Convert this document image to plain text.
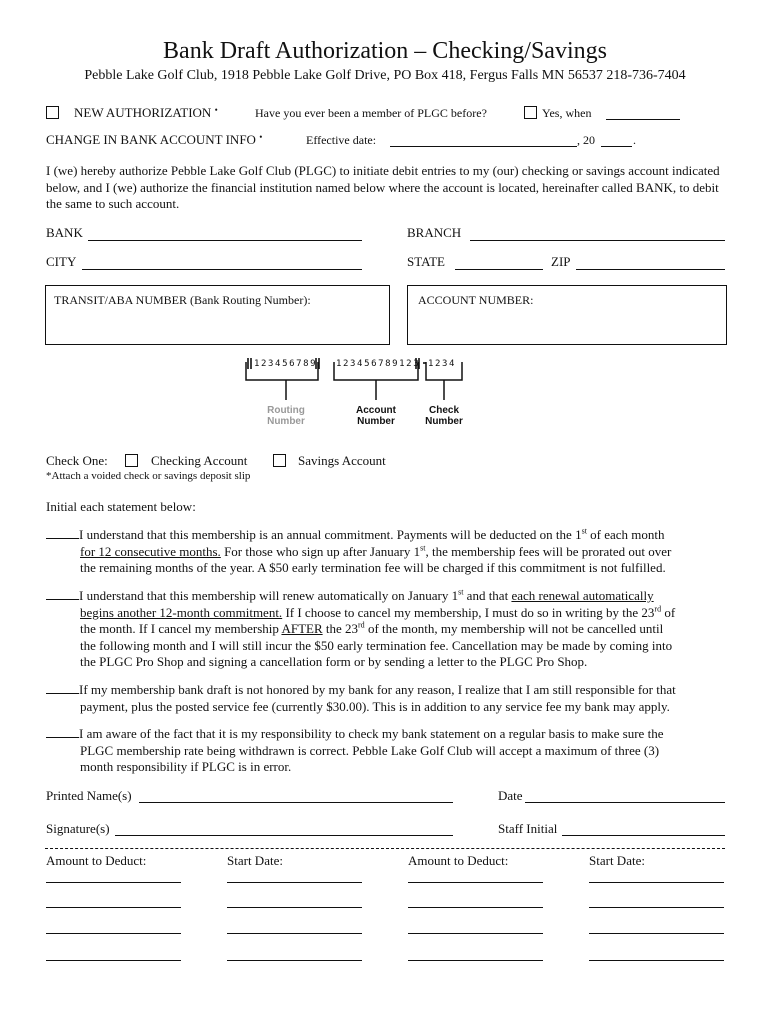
Bank Draft Authorization – Checking/Savings
Pebble Lake Golf Club, 1918 Pebble Lake Golf Drive, PO Box 418, Fergus Falls MN 56537 218-736-7404
NEW AUTHORIZATION •	Have you ever been a member of PLGC before?	Yes, when
CHANGE IN BANK ACCOUNT INFO •	Effective date:	, 20	.
I (we) hereby authorize Pebble Lake Golf Club (PLGC) to initiate debit entries to my (our) checking or savings account indicated below, and I (we) authorize the financial institution named below where the account is located, hereinafter called BANK, to debit the same to such account.
BANK	BRANCH
CITY	STATE	ZIP
TRANSIT/ABA NUMBER (Bank Routing Number):	ACCOUNT NUMBER:
123456789 123456789123 1234
Routing
Number
Account
Number
Check
Number
Check One:	Checking Account	Savings Account
*Attach a voided check or savings deposit slip
Initial each statement below:
I understand that this membership is an annual commitment. Payments will be deducted on the 1st of each month
for 12 consecutive months. For those who sign up after January 1st, the membership fees will be prorated out over
the remaining months of the year. A $50 early termination fee will be charged if this commitment is not fulfilled.
I understand that this membership will renew automatically on January 1st and that each renewal automatically
begins another 12-month commitment. If I choose to cancel my membership, I must do so in writing by the 23rd of
the month. If I cancel my membership AFTER the 23rd of the month, my membership will not be cancelled until
the following month and I will still incur the $50 early termination fee. Cancellation may be made by coming into
the PLGC Pro Shop and signing a cancellation form or by sending a letter to the PLGC Pro Shop.
If my membership bank draft is not honored by my bank for any reason, I realize that I am still responsible for that
payment, plus the posted service fee (currently $30.00). This is in addition to any service fee my bank may apply.
I am aware of the fact that it is my responsibility to check my bank statement on a regular basis to make sure the
PLGC membership rate being withdrawn is correct. Pebble Lake Golf Club will accept a maximum of three (3)
month responsibility if PLGC is in error.
Printed Name(s)	Date
Signature(s)	Staff Initial
Amount to Deduct:	Start Date:	Amount to Deduct:	Start Date:
